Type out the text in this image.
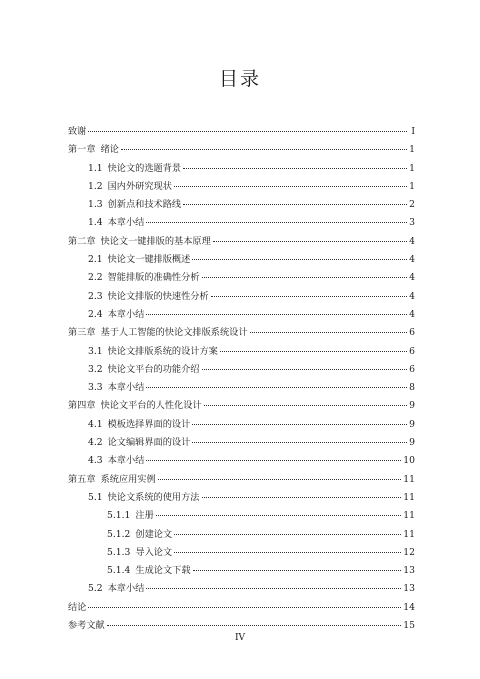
目录
致谢	I
第一章 绪论	1
1.1 快论文的选题背景	1
1.2 国内外研究现状	1
1.3 创新点和技术路线	2
1.4 本章小结	3
第二章 快论文一键排版的基本原理	4
2.1 快论文一键排版概述	4
2.2 智能排版的准确性分析	4
2.3 快论文排版的快速性分析	4
2.4 本章小结	4
第三章 基于人工智能的快论文排版系统设计	6
3.1 快论文排版系统的设计方案	6
3.2 快论文平台的功能介绍	6
3.3 本章小结	8
第四章 快论文平台的人性化设计	9
4.1 模板选择界面的设计	9
4.2 论文编辑界面的设计	9
4.3 本章小结	10
第五章 系统应用实例	11
5.1 快论文系统的使用方法	11
5.1.1 注册	11
5.1.2 创建论文	11
5.1.3 导入论文	12
5.1.4 生成论文下载	13
5.2 本章小结	13
结论	14
参考文献	15
IV
